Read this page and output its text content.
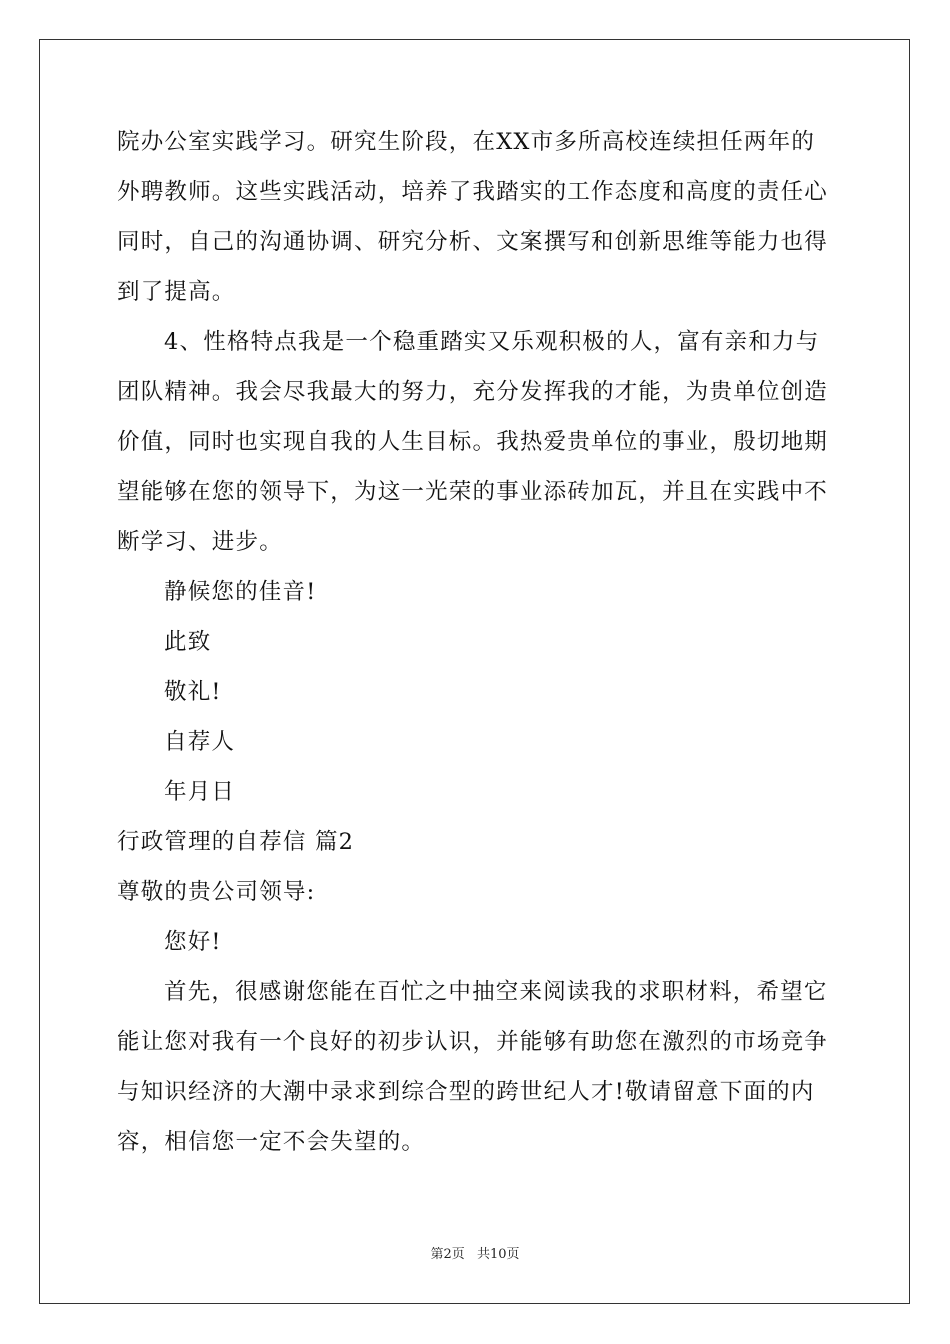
院办公室实践学习。研究生阶段，在XX市多所高校连续担任两年的
外聘教师。这些实践活动，培养了我踏实的工作态度和高度的责任心
同时，自己的沟通协调、研究分析、文案撰写和创新思维等能力也得
到了提高。
4、性格特点我是一个稳重踏实又乐观积极的人，富有亲和力与
团队精神。我会尽我最大的努力，充分发挥我的才能，为贵单位创造
价值，同时也实现自我的人生目标。我热爱贵单位的事业，殷切地期
望能够在您的领导下，为这一光荣的事业添砖加瓦，并且在实践中不
断学习、进步。
静候您的佳音!
此致
敬礼!
自荐人
年月日
行政管理的自荐信 篇2
尊敬的贵公司领导:
您好!
首先，很感谢您能在百忙之中抽空来阅读我的求职材料，希望它
能让您对我有一个良好的初步认识，并能够有助您在激烈的市场竞争
与知识经济的大潮中录求到综合型的跨世纪人才!敬请留意下面的内
容，相信您一定不会失望的。
第2页 共10页
